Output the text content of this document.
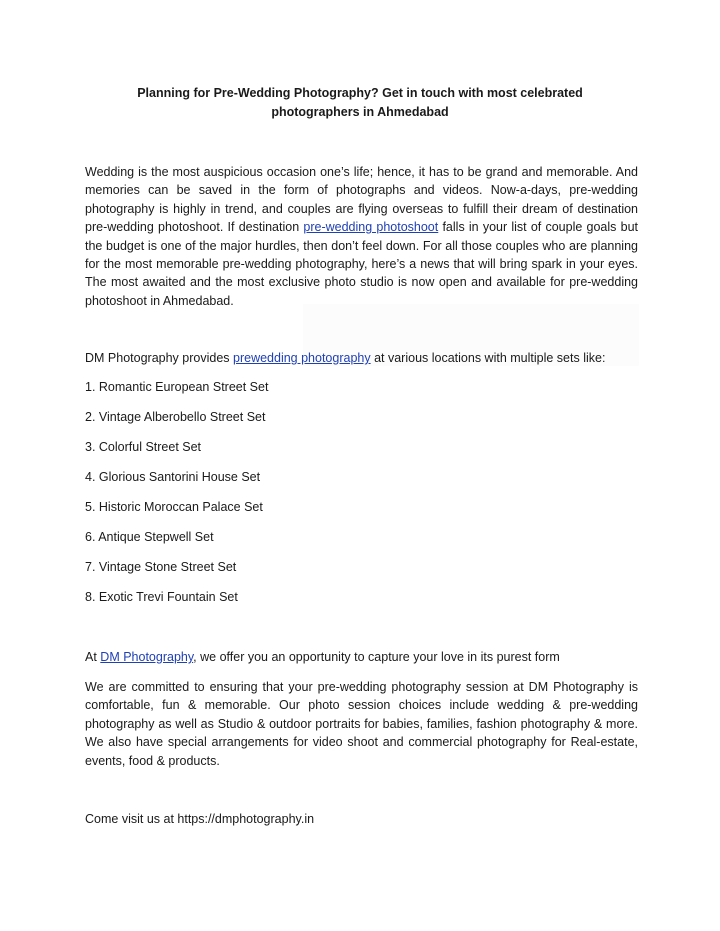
Planning for Pre-Wedding Photography? Get in touch with most celebrated photographers in Ahmedabad

Wedding is the most auspicious occasion one’s life; hence, it has to be grand and memorable. And memories can be saved in the form of photographs and videos. Now-a-days, pre-wedding photography is highly in trend, and couples are flying overseas to fulfill their dream of destination pre-wedding photoshoot. If destination pre-wedding photoshoot falls in your list of couple goals but the budget is one of the major hurdles, then don’t feel down. For all those couples who are planning for the most memorable pre-wedding photography, here’s a news that will bring spark in your eyes. The most awaited and the most exclusive photo studio is now open and available for pre-wedding photoshoot in Ahmedabad.

DM Photography provides prewedding photography at various locations with multiple sets like:

1. Romantic European Street Set

2. Vintage Alberobello Street Set

3. Colorful Street Set

4. Glorious Santorini House Set

5. Historic Moroccan Palace Set

6. Antique Stepwell Set

7. Vintage Stone Street Set

8. Exotic Trevi Fountain Set

At DM Photography, we offer you an opportunity to capture your love in its purest form

We are committed to ensuring that your pre-wedding photography session at DM Photography is comfortable, fun & memorable. Our photo session choices include wedding & pre-wedding photography as well as Studio & outdoor portraits for babies, families, fashion photography & more. We also have special arrangements for video shoot and commercial photography for Real-estate, events, food & products.

Come visit us at https://dmphotography.in
